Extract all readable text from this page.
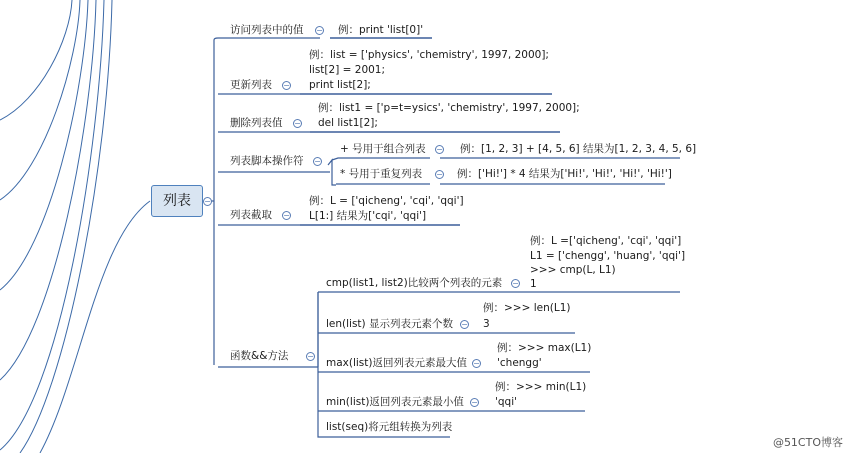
列表	−
访问列表中的值 − 例：print 'list[0]'
更新列表 −
例：list = ['physics', 'chemistry', 1997, 2000];
list[2] = 2001;
print list[2];
删除列表值 −
例：list1 = ['p=t=ysics', 'chemistry', 1997, 2000];
del list1[2];
列表脚本操作符 −
+ 号用于组合列表 − 例：[1, 2, 3] + [4, 5, 6] 结果为[1, 2, 3, 4, 5, 6]
* 号用于重复列表 − 例：['Hi!'] * 4 结果为['Hi!', 'Hi!', 'Hi!', 'Hi!']
列表截取 −
例：L = ['qicheng', 'cqi', 'qqi']
L[1:] 结果为['cqi', 'qqi']
函数&&方法 −
cmp(list1, list2)比较两个列表的元素 −
例：L =['qicheng', 'cqi', 'qqi']
L1 = ['chengg', 'huang', 'qqi']
>>> cmp(L, L1)
1
len(list) 显示列表元素个数 −
例：>>> len(L1)
3
max(list)返回列表元素最大值 −
例：>>> max(L1)
'chengg'
min(list)返回列表元素最小值 −
例：>>> min(L1)
'qqi'
list(seq)将元组转换为列表
@51CTO博客
